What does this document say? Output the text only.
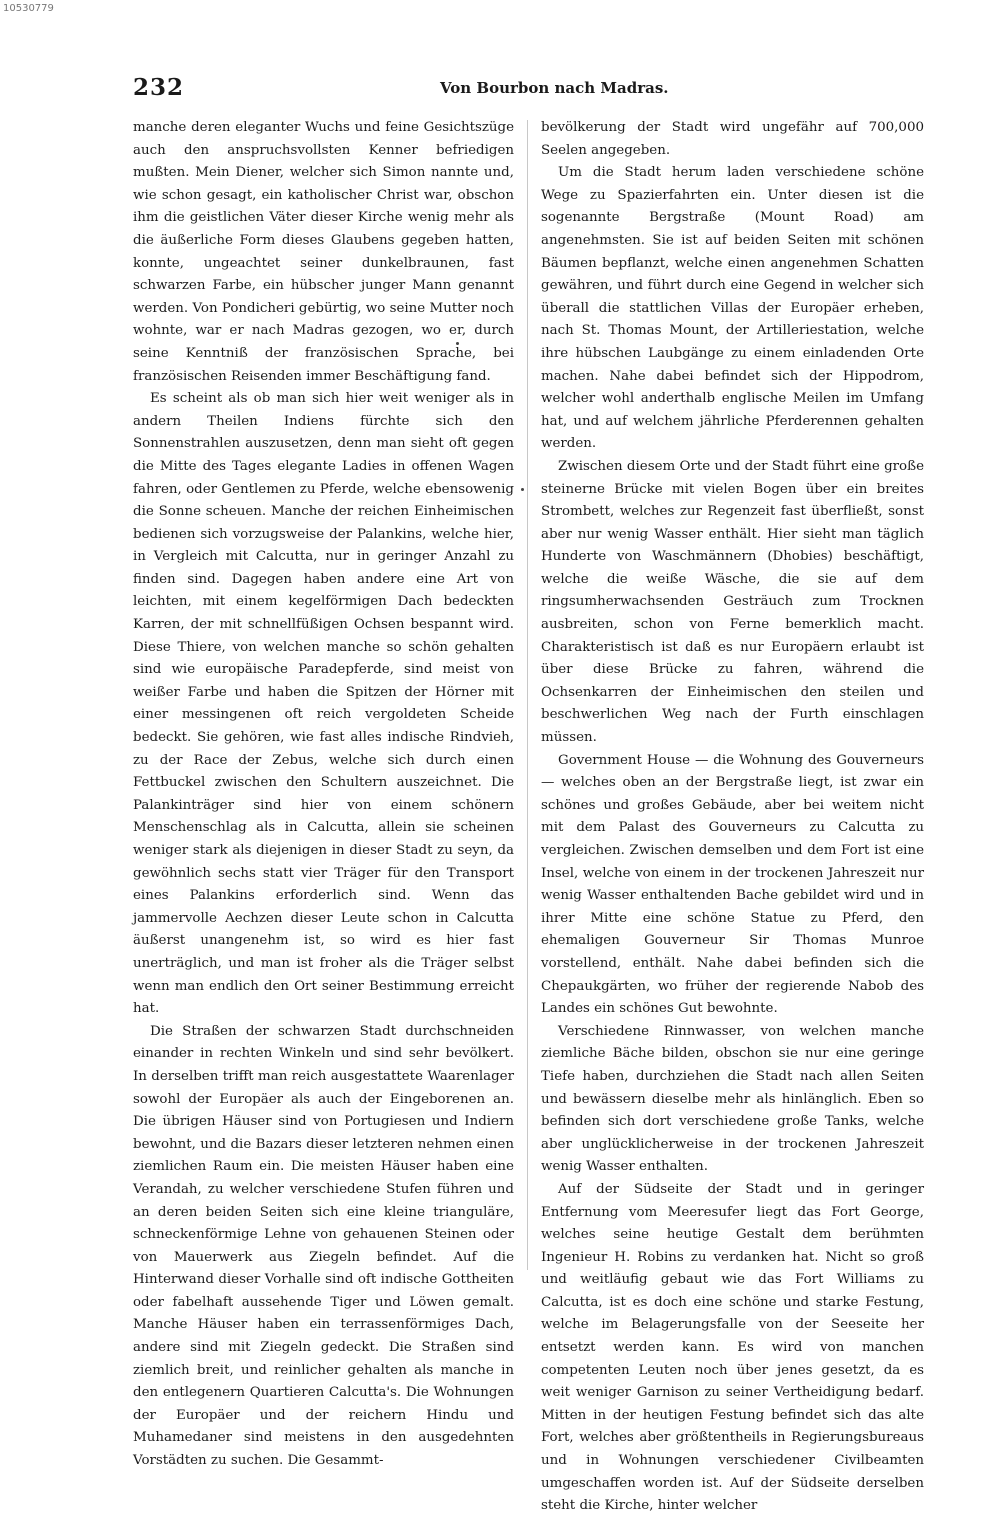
10530779
232	Von Bourbon nach Madras.

manche deren eleganter Wuchs und feine Gesichtszüge auch den anspruchsvollsten Kenner befriedigen mußten. Mein Diener, welcher sich Simon nannte und, wie schon gesagt, ein katholischer Christ war, obschon ihm die geistlichen Väter dieser Kirche wenig mehr als die äußerliche Form dieses Glaubens gegeben hatten, konnte, ungeachtet seiner dunkelbraunen, fast schwarzen Farbe, ein hübscher junger Mann genannt werden. Von Pondicheri gebürtig, wo seine Mutter noch wohnte, war er nach Madras gezogen, wo er, durch seine Kenntniß der französischen Sprache, bei französischen Reisenden immer Beschäftigung fand.

Es scheint als ob man sich hier weit weniger als in andern Theilen Indiens fürchte sich den Sonnenstrahlen auszusetzen, denn man sieht oft gegen die Mitte des Tages elegante Ladies in offenen Wagen fahren, oder Gentlemen zu Pferde, welche ebensowenig die Sonne scheuen. Manche der reichen Einheimischen bedienen sich vorzugsweise der Palankins, welche hier, in Vergleich mit Calcutta, nur in geringer Anzahl zu finden sind. Dagegen haben andere eine Art von leichten, mit einem kegelförmigen Dach bedeckten Karren, der mit schnellfüßigen Ochsen bespannt wird. Diese Thiere, von welchen manche so schön gehalten sind wie europäische Paradepferde, sind meist von weißer Farbe und haben die Spitzen der Hörner mit einer messingenen oft reich vergoldeten Scheide bedeckt. Sie gehören, wie fast alles indische Rindvieh, zu der Race der Zebus, welche sich durch einen Fettbuckel zwischen den Schultern auszeichnet. Die Palankinträger sind hier von einem schönern Menschenschlag als in Calcutta, allein sie scheinen weniger stark als diejenigen in dieser Stadt zu seyn, da gewöhnlich sechs statt vier Träger für den Transport eines Palankins erforderlich sind. Wenn das jammervolle Aechzen dieser Leute schon in Calcutta äußerst unangenehm ist, so wird es hier fast unerträglich, und man ist froher als die Träger selbst wenn man endlich den Ort seiner Bestimmung erreicht hat.

Die Straßen der schwarzen Stadt durchschneiden einander in rechten Winkeln und sind sehr bevölkert. In derselben trifft man reich ausgestattete Waarenlager sowohl der Europäer als auch der Eingeborenen an. Die übrigen Häuser sind von Portugiesen und Indiern bewohnt, und die Bazars dieser letzteren nehmen einen ziemlichen Raum ein. Die meisten Häuser haben eine Verandah, zu welcher verschiedene Stufen führen und an deren beiden Seiten sich eine kleine trianguläre, schneckenförmige Lehne von gehauenen Steinen oder von Mauerwerk aus Ziegeln befindet. Auf die Hinterwand dieser Vorhalle sind oft indische Gottheiten oder fabelhaft aussehende Tiger und Löwen gemalt. Manche Häuser haben ein terrassenförmiges Dach, andere sind mit Ziegeln gedeckt. Die Straßen sind ziemlich breit, und reinlicher gehalten als manche in den entlegenern Quartieren Calcutta's. Die Wohnungen der Europäer und der reichern Hindu und Muhamedaner sind meistens in den ausgedehnten Vorstädten zu suchen. Die Gesammt-

bevölkerung der Stadt wird ungefähr auf 700,000 Seelen angegeben.

Um die Stadt herum laden verschiedene schöne Wege zu Spazierfahrten ein. Unter diesen ist die sogenannte Bergstraße (Mount Road) am angenehmsten. Sie ist auf beiden Seiten mit schönen Bäumen bepflanzt, welche einen angenehmen Schatten gewähren, und führt durch eine Gegend in welcher sich überall die stattlichen Villas der Europäer erheben, nach St. Thomas Mount, der Artilleriestation, welche ihre hübschen Laubgänge zu einem einladenden Orte machen. Nahe dabei befindet sich der Hippodrom, welcher wohl anderthalb englische Meilen im Umfang hat, und auf welchem jährliche Pferderennen gehalten werden.

Zwischen diesem Orte und der Stadt führt eine große steinerne Brücke mit vielen Bogen über ein breites Strombett, welches zur Regenzeit fast überfließt, sonst aber nur wenig Wasser enthält. Hier sieht man täglich Hunderte von Waschmännern (Dhobies) beschäftigt, welche die weiße Wäsche, die sie auf dem ringsumherwachsenden Gesträuch zum Trocknen ausbreiten, schon von Ferne bemerklich macht. Charakteristisch ist daß es nur Europäern erlaubt ist über diese Brücke zu fahren, während die Ochsenkarren der Einheimischen den steilen und beschwerlichen Weg nach der Furth einschlagen müssen.

Government House — die Wohnung des Gouverneurs — welches oben an der Bergstraße liegt, ist zwar ein schönes und großes Gebäude, aber bei weitem nicht mit dem Palast des Gouverneurs zu Calcutta zu vergleichen. Zwischen demselben und dem Fort ist eine Insel, welche von einem in der trockenen Jahreszeit nur wenig Wasser enthaltenden Bache gebildet wird und in ihrer Mitte eine schöne Statue zu Pferd, den ehemaligen Gouverneur Sir Thomas Munroe vorstellend, enthält. Nahe dabei befinden sich die Chepaukgärten, wo früher der regierende Nabob des Landes ein schönes Gut bewohnte.

Verschiedene Rinnwasser, von welchen manche ziemliche Bäche bilden, obschon sie nur eine geringe Tiefe haben, durchziehen die Stadt nach allen Seiten und bewässern dieselbe mehr als hinlänglich. Eben so befinden sich dort verschiedene große Tanks, welche aber unglücklicherweise in der trockenen Jahreszeit wenig Wasser enthalten.

Auf der Südseite der Stadt und in geringer Entfernung vom Meeresufer liegt das Fort George, welches seine heutige Gestalt dem berühmten Ingenieur H. Robins zu verdanken hat. Nicht so groß und weitläufig gebaut wie das Fort Williams zu Calcutta, ist es doch eine schöne und starke Festung, welche im Belagerungsfalle von der Seeseite her entsetzt werden kann. Es wird von manchen competenten Leuten noch über jenes gesetzt, da es weit weniger Garnison zu seiner Vertheidigung bedarf. Mitten in der heutigen Festung befindet sich das alte Fort, welches aber größtentheils in Regierungsbureaus und in Wohnungen verschiedener Civilbeamten umgeschaffen worden ist. Auf der Südseite derselben steht die Kirche, hinter welcher
